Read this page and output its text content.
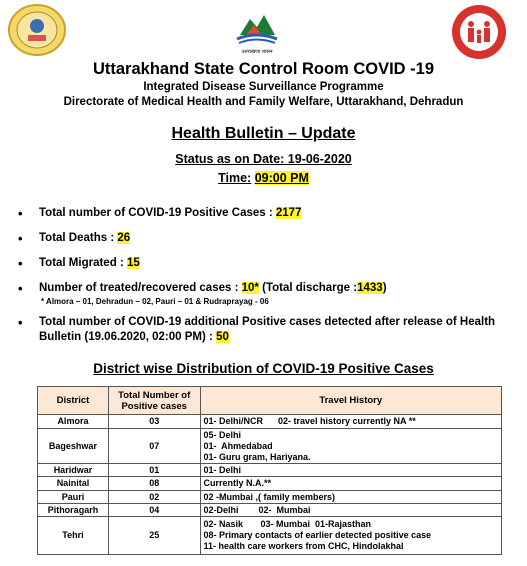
उत्तराखण्ड शासन
Uttarakhand State Control Room COVID -19
Integrated Disease Surveillance Programme
Directorate of Medical Health and Family Welfare, Uttarakhand, Dehradun
Health Bulletin – Update
Status as on Date: 19-06-2020
Time: 09:00 PM
• Total number of COVID-19 Positive Cases : 2177
• Total Deaths : 26
• Total Migrated : 15
• Number of treated/recovered cases : 10* (Total discharge :1433)
* Almora – 01, Dehradun – 02, Pauri – 01 & Rudraprayag - 06
• Total number of COVID-19 additional Positive cases detected after release of Health Bulletin (19.06.2020, 02:00 PM) : 50
District wise Distribution of COVID-19 Positive Cases
District	Total Number of Positive cases	Travel History
Almora	03	01- Delhi/NCR      02- travel history currently NA **

Bageshwar	07	05- Delhi
01-  Ahmedabad
01- Guru gram, Hariyana.

Haridwar	01	01- Delhi

Nainital	08	Currently N.A.**

Pauri	02	02 -Mumbai ,( family members)

Pithoragarh	04	02-Delhi        02-  Mumbai

Tehri	25	02- Nasik       03- Mumbai  01-Rajasthan
08- Primary contacts of earlier detected positive case
11- health care workers from CHC, Hindolakhal
